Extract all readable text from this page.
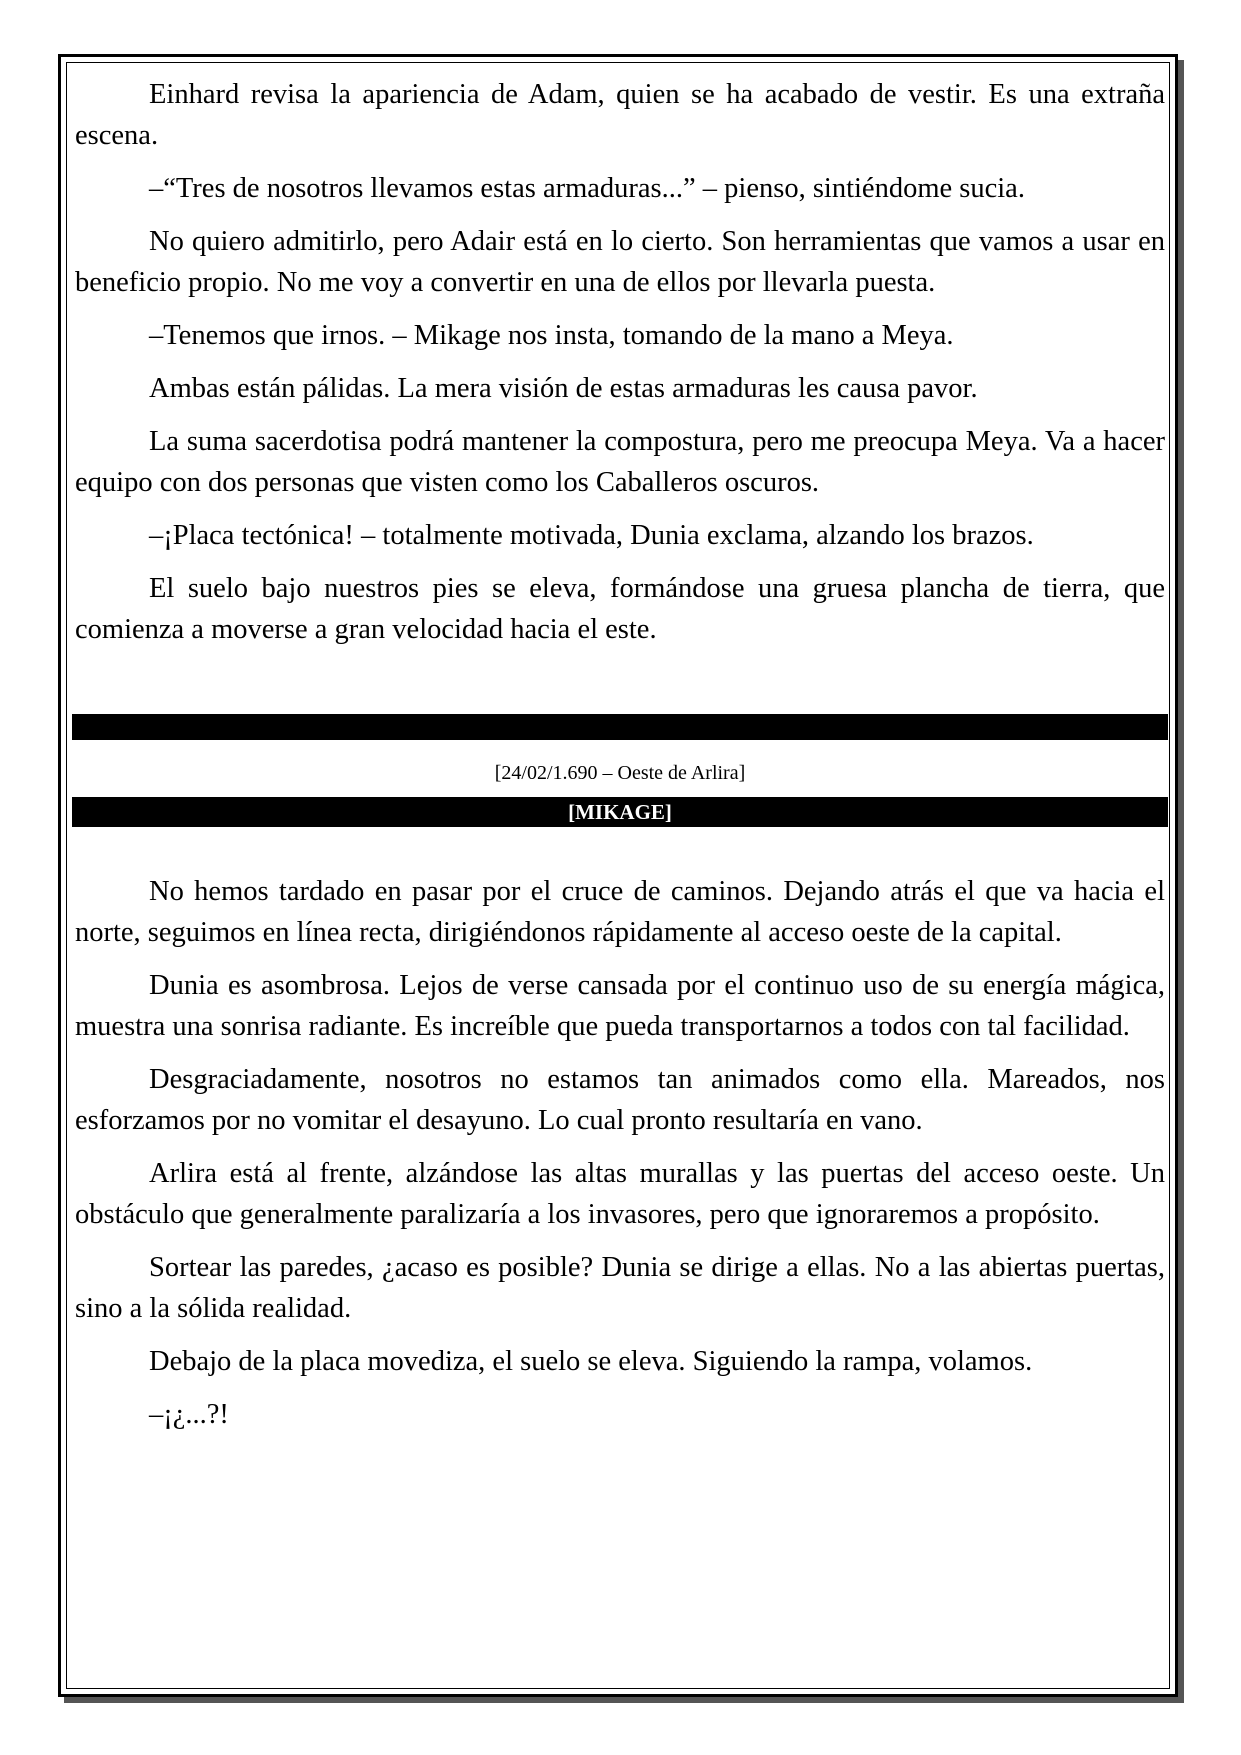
Einhard revisa la apariencia de Adam, quien se ha acabado de vestir. Es una extraña escena.

–“Tres de nosotros llevamos estas armaduras...” – pienso, sintiéndome sucia.

No quiero admitirlo, pero Adair está en lo cierto. Son herramientas que vamos a usar en beneficio propio. No me voy a convertir en una de ellos por llevarla puesta.

–Tenemos que irnos. – Mikage nos insta, tomando de la mano a Meya.

Ambas están pálidas. La mera visión de estas armaduras les causa pavor.

La suma sacerdotisa podrá mantener la compostura, pero me preocupa Meya. Va a hacer equipo con dos personas que visten como los Caballeros oscuros.

–¡Placa tectónica! – totalmente motivada, Dunia exclama, alzando los brazos.

El suelo bajo nuestros pies se eleva, formándose una gruesa plancha de tierra, que comienza a moverse a gran velocidad hacia el este.

[24/02/1.690 – Oeste de Arlira]
[MIKAGE]

No hemos tardado en pasar por el cruce de caminos. Dejando atrás el que va hacia el norte, seguimos en línea recta, dirigiéndonos rápidamente al acceso oeste de la capital.

Dunia es asombrosa. Lejos de verse cansada por el continuo uso de su energía mágica, muestra una sonrisa radiante. Es increíble que pueda transportarnos a todos con tal facilidad.

Desgraciadamente, nosotros no estamos tan animados como ella. Mareados, nos esforzamos por no vomitar el desayuno. Lo cual pronto resultaría en vano.

Arlira está al frente, alzándose las altas murallas y las puertas del acceso oeste. Un obstáculo que generalmente paralizaría a los invasores, pero que ignoraremos a propósito.

Sortear las paredes, ¿acaso es posible? Dunia se dirige a ellas. No a las abiertas puertas, sino a la sólida realidad.

Debajo de la placa movediza, el suelo se eleva. Siguiendo la rampa, volamos.

–¡¿...?!
